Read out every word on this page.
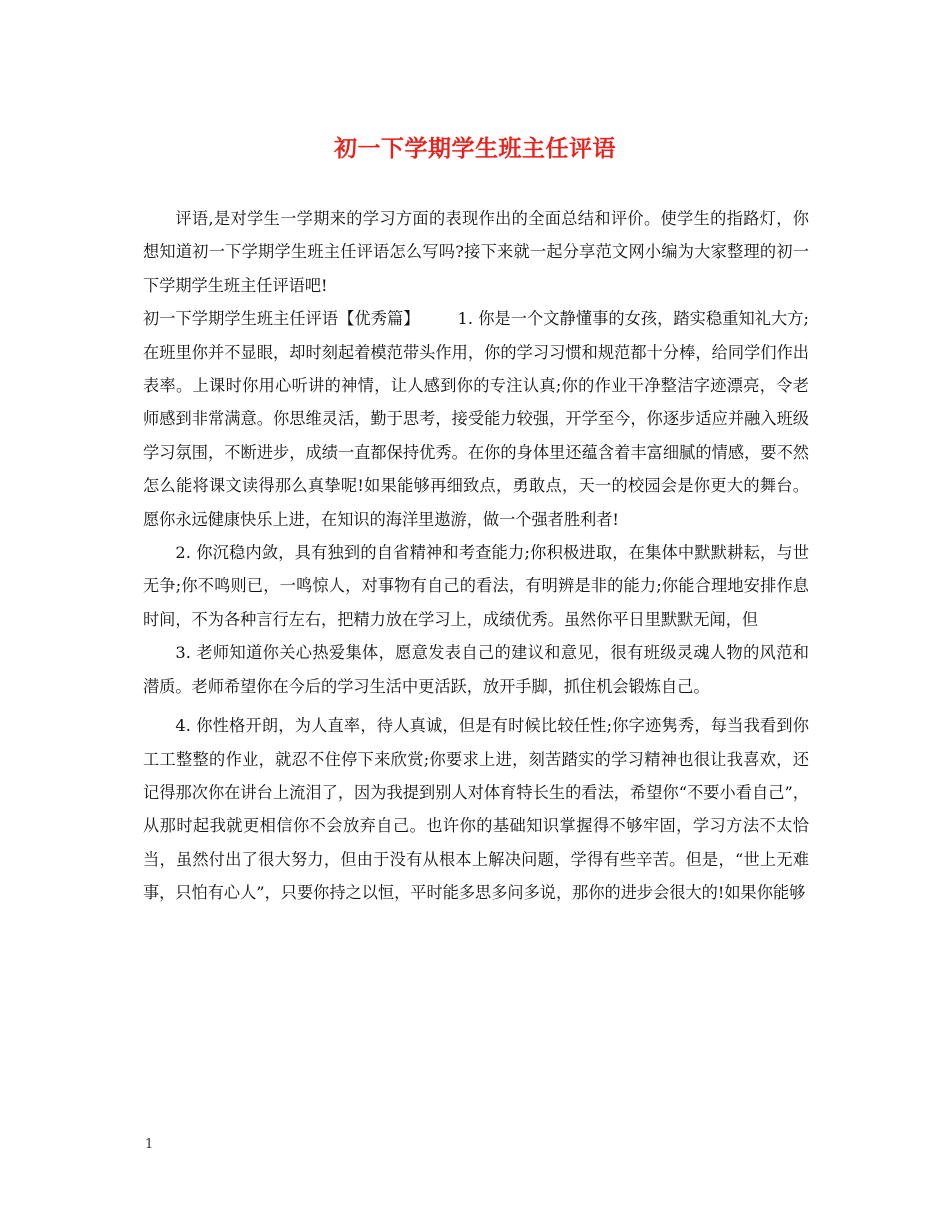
初一下学期学生班主任评语

评语,是对学生一学期来的学习方面的表现作出的全面总结和评价。使学生的指路灯，你想知道初一下学期学生班主任评语怎么写吗?接下来就一起分享范文网小编为大家整理的初一下学期学生班主任评语吧!

初一下学期学生班主任评语【优秀篇】 1. 你是一个文静懂事的女孩，踏实稳重知礼大方;在班里你并不显眼，却时刻起着模范带头作用，你的学习习惯和规范都十分棒，给同学们作出表率。上课时你用心听讲的神情，让人感到你的专注认真;你的作业干净整洁字迹漂亮，令老师感到非常满意。你思维灵活，勤于思考，接受能力较强，开学至今，你逐步适应并融入班级学习氛围，不断进步，成绩一直都保持优秀。在你的身体里还蕴含着丰富细腻的情感，要不然怎么能将课文读得那么真挚呢!如果能够再细致点，勇敢点，天一的校园会是你更大的舞台。愿你永远健康快乐上进，在知识的海洋里遨游，做一个强者胜利者!

2. 你沉稳内敛，具有独到的自省精神和考查能力;你积极进取，在集体中默默耕耘，与世无争;你不鸣则已，一鸣惊人，对事物有自己的看法，有明辨是非的能力;你能合理地安排作息时间，不为各种言行左右，把精力放在学习上，成绩优秀。虽然你平日里默默无闻，但

3. 老师知道你关心热爱集体，愿意发表自己的建议和意见，很有班级灵魂人物的风范和潜质。老师希望你在今后的学习生活中更活跃，放开手脚，抓住机会锻炼自己。

4. 你性格开朗，为人直率，待人真诚，但是有时候比较任性;你字迹隽秀，每当我看到你工工整整的作业，就忍不住停下来欣赏;你要求上进，刻苦踏实的学习精神也很让我喜欢，还记得那次你在讲台上流泪了，因为我提到别人对体育特长生的看法，希望你“不要小看自己”，从那时起我就更相信你不会放弃自己。也许你的基础知识掌握得不够牢固，学习方法不太恰当，虽然付出了很大努力，但由于没有从根本上解决问题，学得有些辛苦。但是，“世上无难事，只怕有心人”，只要你持之以恒，平时能多思多问多说，那你的进步会很大的!如果你能够

1
